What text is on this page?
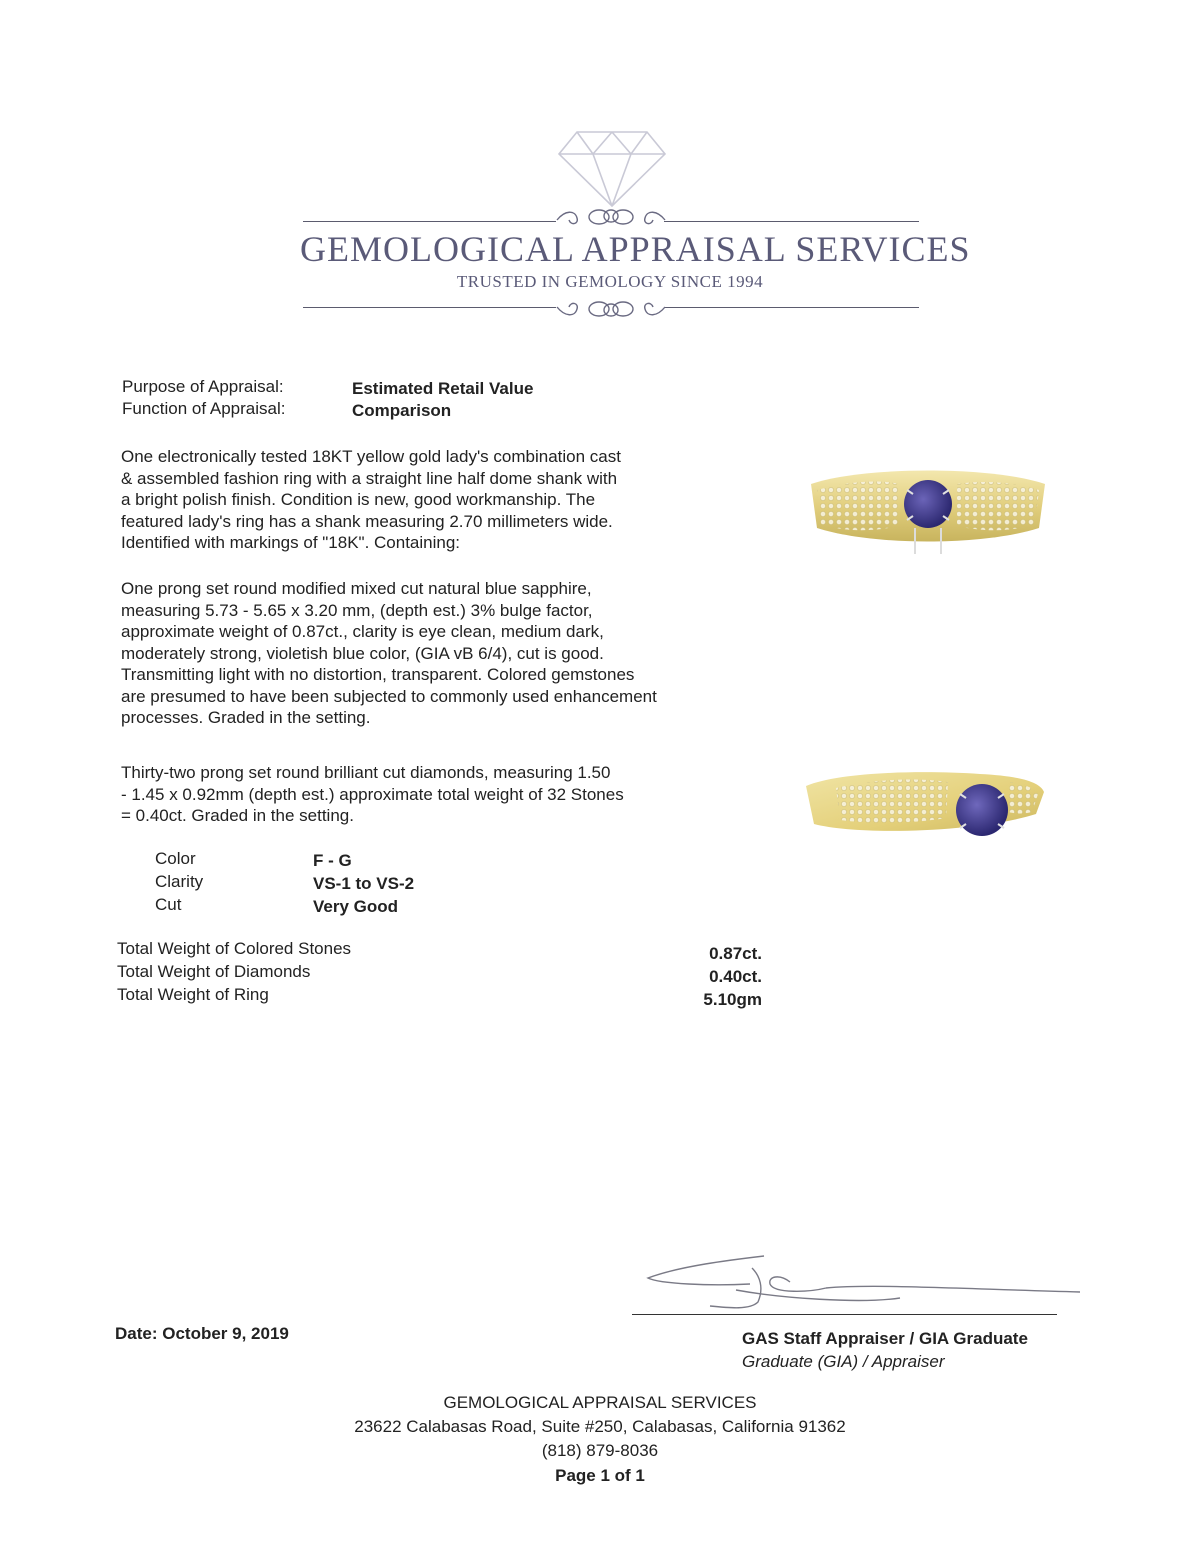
GEMOLOGICAL APPRAISAL SERVICES
TRUSTED IN GEMOLOGY SINCE 1994
Purpose of Appraisal:	Estimated Retail Value
Function of Appraisal:	Comparison
One electronically tested 18KT yellow gold lady's combination cast
& assembled fashion ring with a straight line half dome shank with
a bright polish finish. Condition is new, good workmanship. The
featured lady's ring has a shank measuring 2.70 millimeters wide.
Identified with markings of "18K". Containing:
One prong set round modified mixed cut natural blue sapphire,
measuring 5.73 - 5.65 x 3.20 mm, (depth est.) 3% bulge factor,
approximate weight of 0.87ct., clarity is eye clean, medium dark,
moderately strong, violetish blue color, (GIA vB 6/4), cut is good.
Transmitting light with no distortion, transparent. Colored gemstones
are presumed to have been subjected to commonly used enhancement
processes. Graded in the setting.
Thirty-two prong set round brilliant cut diamonds, measuring 1.50
- 1.45 x 0.92mm (depth est.) approximate total weight of 32 Stones
= 0.40ct. Graded in the setting.
Color	F - G
Clarity	VS-1 to VS-2
Cut	Very Good
Total Weight of Colored Stones	0.87ct.
Total Weight of Diamonds	0.40ct.
Total Weight of Ring	5.10gm
Date: October 9, 2019	GAS Staff Appraiser / GIA Graduate
Graduate (GIA) / Appraiser
GEMOLOGICAL APPRAISAL SERVICES
23622 Calabasas Road, Suite #250, Calabasas, California 91362
(818) 879-8036
Page 1 of 1
